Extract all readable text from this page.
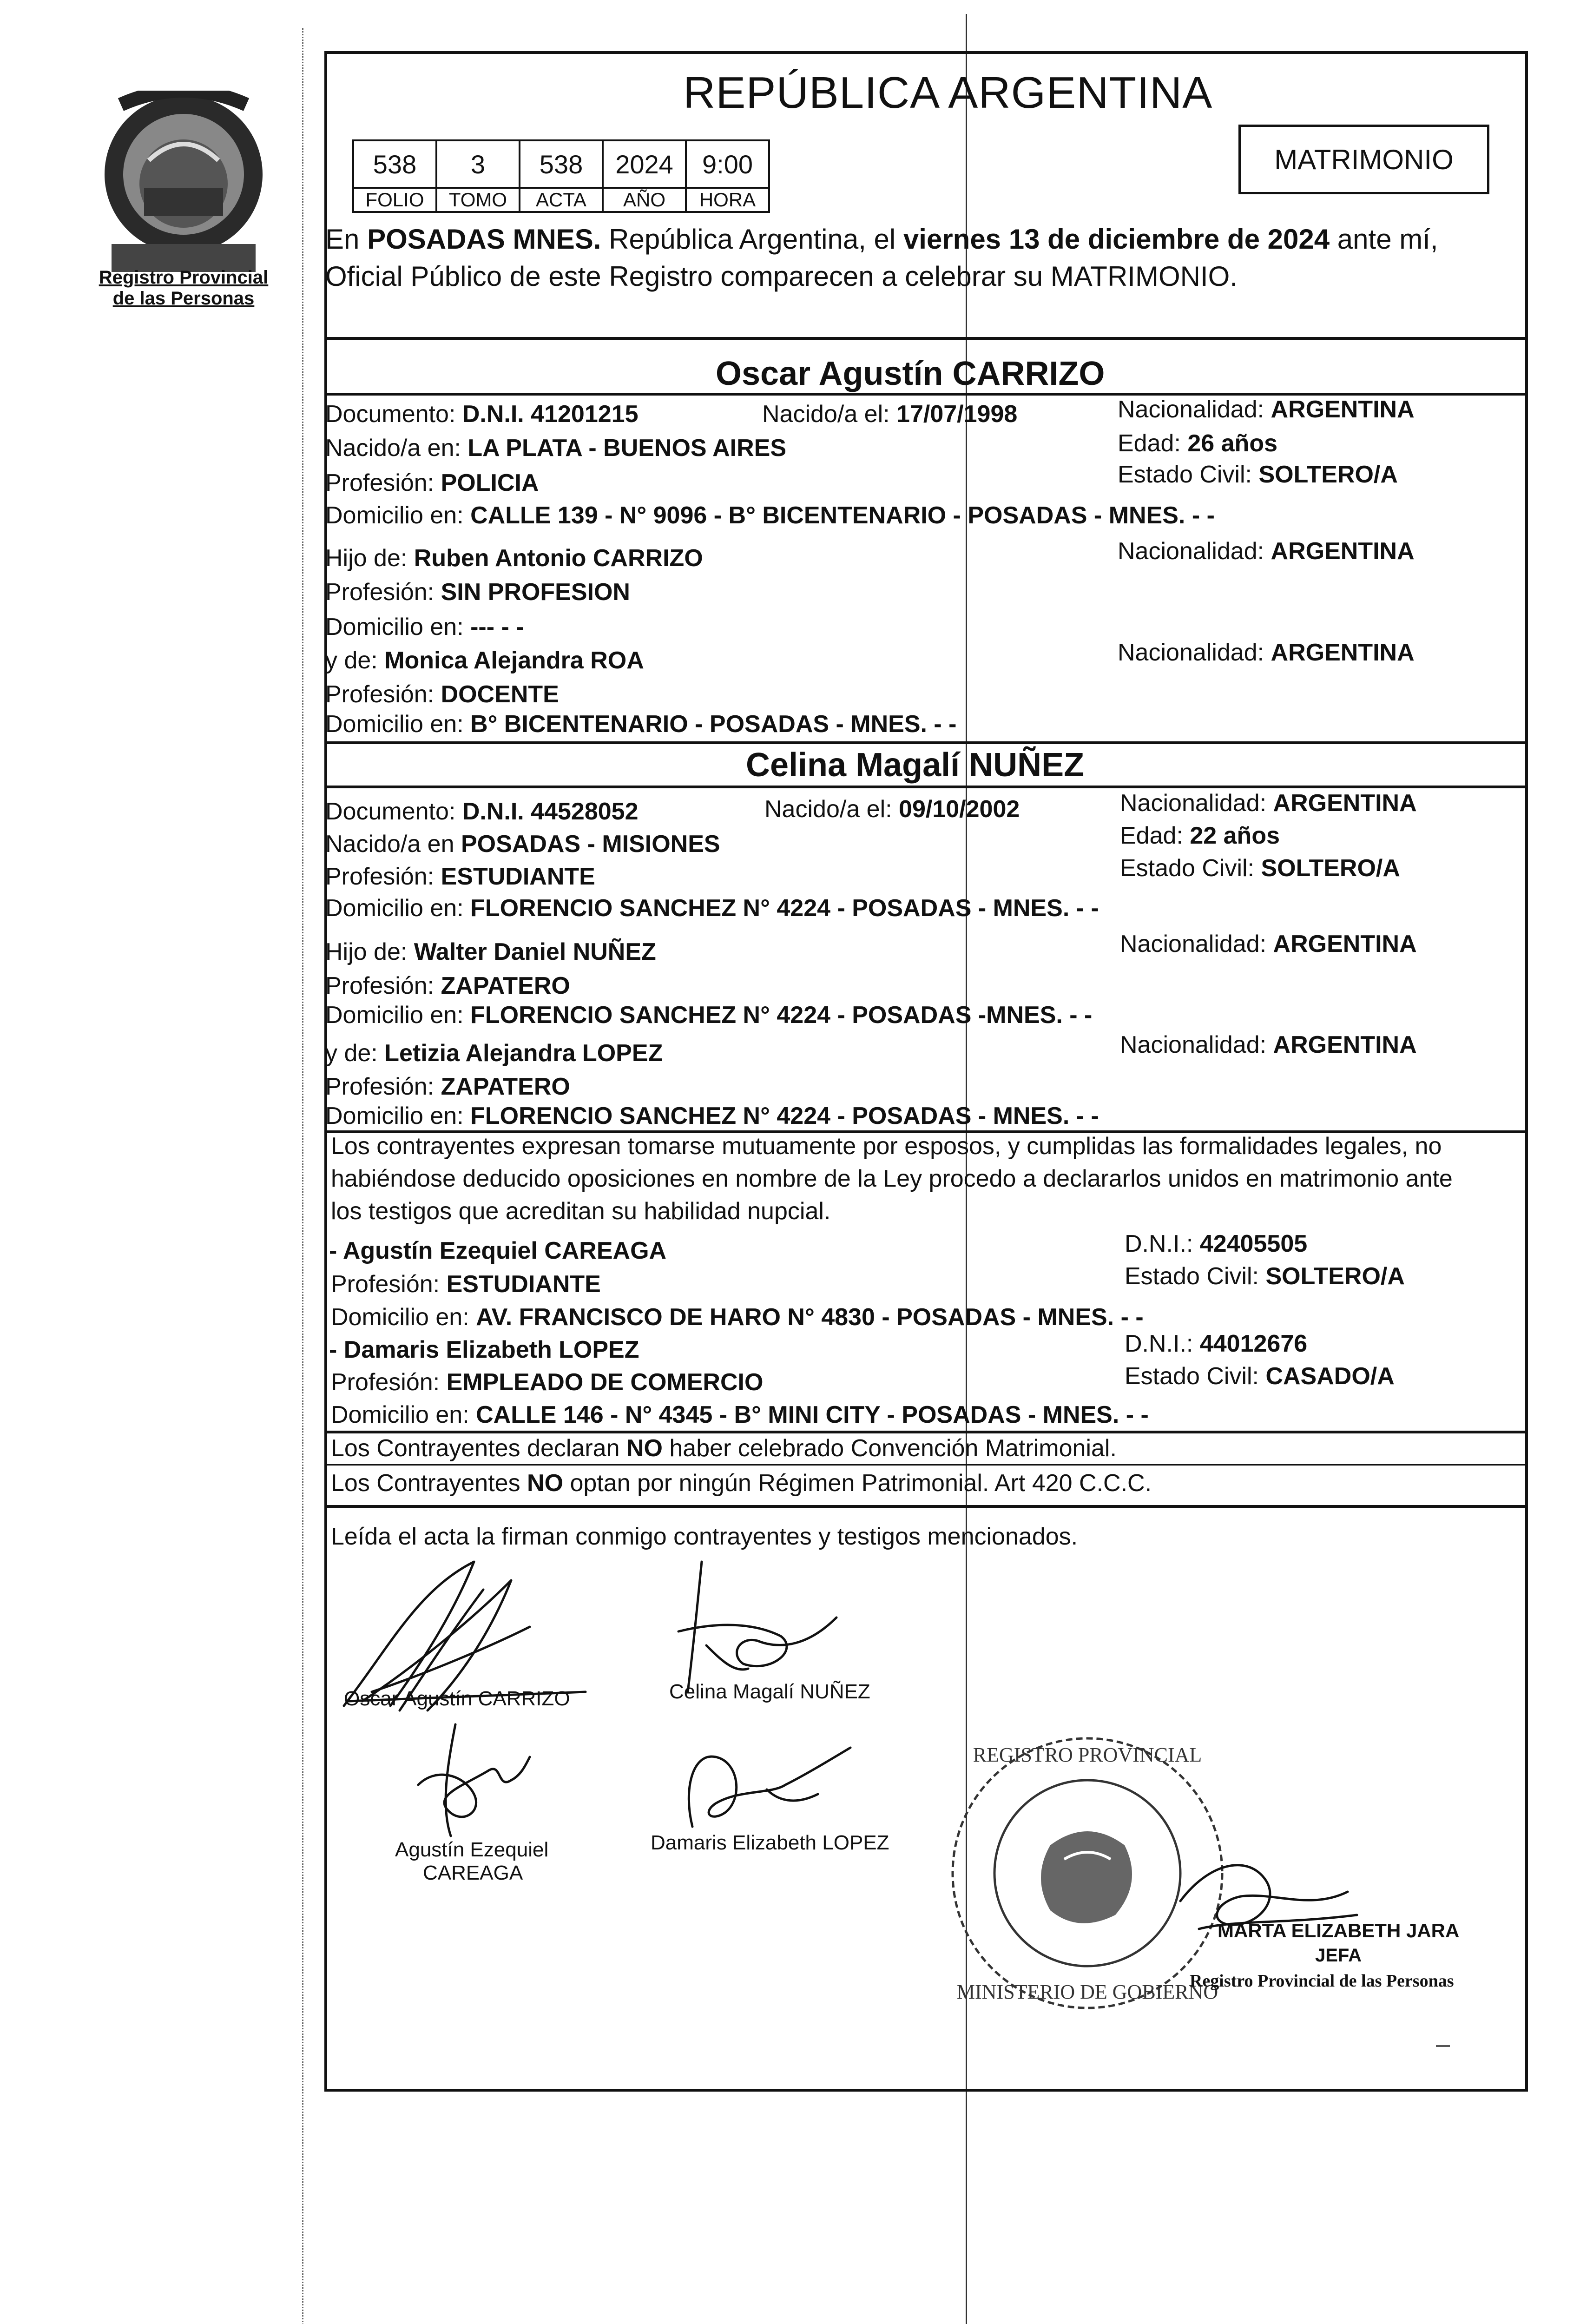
Registro Provincial
de las Personas
REPÚBLICA ARGENTINA
538	3	538	2024	9:00
FOLIO	TOMO	ACTA	AÑO	HORA
MATRIMONIO
En POSADAS MNES. República Argentina, el viernes 13 de diciembre de 2024 ante mí,
Oficial Público de este Registro comparecen a celebrar su MATRIMONIO.
Oscar Agustín CARRIZO
Documento: D.N.I. 41201215	Nacido/a el: 17/07/1998	Nacionalidad: ARGENTINA
Nacido/a en: LA PLATA - BUENOS AIRES	Edad: 26 años
Profesión: POLICIA	Estado Civil: SOLTERO/A
Domicilio en: CALLE 139 - N° 9096 - B° BICENTENARIO - POSADAS - MNES. - -
Hijo de: Ruben Antonio CARRIZO	Nacionalidad: ARGENTINA
Profesión: SIN PROFESION
Domicilio en: --- - -
y de: Monica Alejandra ROA	Nacionalidad: ARGENTINA
Profesión: DOCENTE
Domicilio en: B° BICENTENARIO - POSADAS - MNES. - -
Celina Magalí NUÑEZ
Documento: D.N.I. 44528052	Nacido/a el: 09/10/2002	Nacionalidad: ARGENTINA
Nacido/a en POSADAS - MISIONES	Edad: 22 años
Profesión: ESTUDIANTE	Estado Civil: SOLTERO/A
Domicilio en: FLORENCIO SANCHEZ N° 4224 - POSADAS - MNES. - -
Hijo de: Walter Daniel NUÑEZ	Nacionalidad: ARGENTINA
Profesión: ZAPATERO
Domicilio en: FLORENCIO SANCHEZ N° 4224 - POSADAS -MNES. - -
y de: Letizia Alejandra LOPEZ	Nacionalidad: ARGENTINA
Profesión: ZAPATERO
Domicilio en: FLORENCIO SANCHEZ N° 4224 - POSADAS - MNES. - -
Los contrayentes expresan tomarse mutuamente por esposos, y cumplidas las formalidades legales, no
habiéndose deducido oposiciones en nombre de la Ley procedo a declararlos unidos en matrimonio ante
los testigos que acreditan su habilidad nupcial.
- Agustín Ezequiel CAREAGA	D.N.I.: 42405505
Profesión: ESTUDIANTE	Estado Civil: SOLTERO/A
Domicilio en: AV. FRANCISCO DE HARO N° 4830 - POSADAS - MNES. - -
- Damaris Elizabeth LOPEZ	D.N.I.: 44012676
Profesión: EMPLEADO DE COMERCIO	Estado Civil: CASADO/A
Domicilio en: CALLE 146 - N° 4345 - B° MINI CITY - POSADAS - MNES. - -
Los Contrayentes declaran NO haber celebrado Convención Matrimonial.
Los Contrayentes NO optan por ningún Régimen Patrimonial. Art 420 C.C.C.
Leída el acta la firman conmigo contrayentes y testigos mencionados.
Oscar Agustín CARRIZO	Celina Magalí NUÑEZ
Agustín Ezequiel
CAREAGA
Damaris Elizabeth LOPEZ
REGISTRO PROVINCIAL
MINISTERIO DE GOBIERNO
MARTA ELIZABETH JARA
JEFA
Registro Provincial de las Personas
